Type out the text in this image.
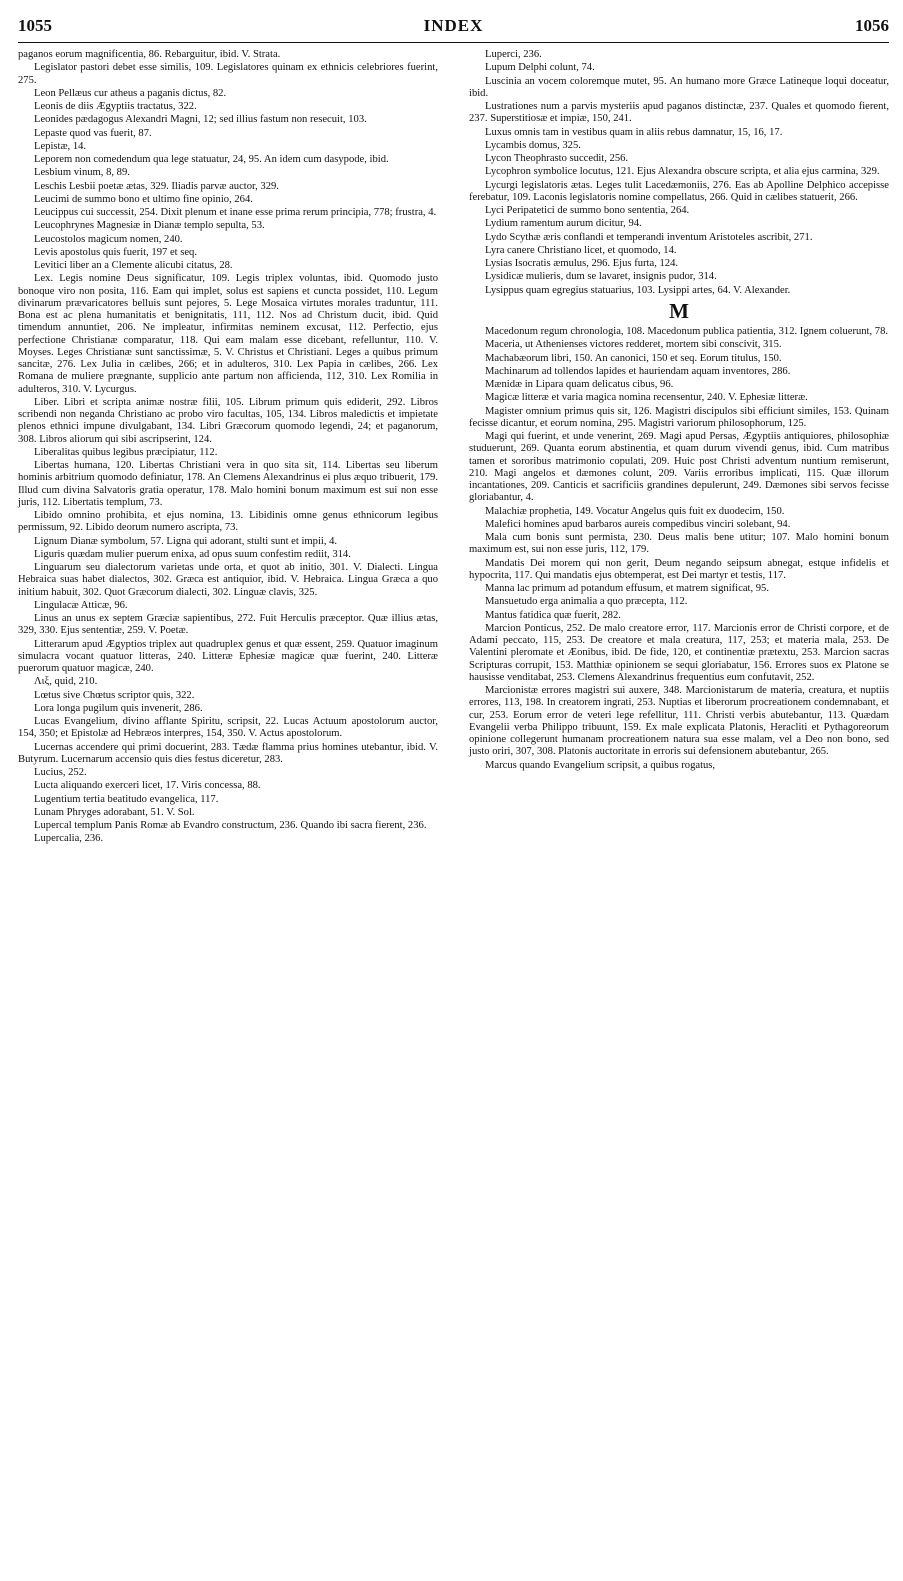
1055	INDEX	1056

paganos eorum magnificentia, 86. Rebarguitur, ibid. V. Strata.

Legislator pastori debet esse similis, 109. Legislatores quinam ex ethnicis celebriores fuerint, 275.

Leon Pellæus cur atheus a paganis dictus, 82.

Leonis de diis Ægyptiis tractatus, 322.

Leonides pædagogus Alexandri Magni, 12; sed illius fastum non resecuit, 103.

Lepaste quod vas fuerit, 87.

Lepistæ, 14.

Leporem non comedendum qua lege statuatur, 24, 95. An idem cum dasypode, ibid.

Lesbium vinum, 8, 89.

Leschis Lesbii poetæ ætas, 329. Iliadis parvæ auctor, 329.

Leucimi de summo bono et ultimo fine opinio, 264.

Leucippus cui successit, 254. Dixit plenum et inane esse prima rerum principia, 778; frustra, 4.

Leucophrynes Magnesiæ in Dianæ templo sepulta, 53.

Leucostolos magicum nomen, 240.

Levis apostolus quis fuerit, 197 et seq.

Levitici liber an a Clemente alicubi citatus, 28.

Lex. Legis nomine Deus significatur, 109. Legis triplex voluntas, ibid. Quomodo justo bonoque viro non posita, 116. Eam qui implet, solus est sapiens et cuncta possidet, 110. Legum divinarum prævaricatores belluis sunt pejores, 5. Lege Mosaica virtutes morales traduntur, 111. Bona est ac plena humanitatis et benignitatis, 111, 112. Nos ad Christum ducit, ibid. Quid timendum annuntiet, 206. Ne impleatur, infirmitas neminem excusat, 112. Perfectio, ejus perfectione Christianæ comparatur, 118. Qui eam malam esse dicebant, refelluntur, 110. V. Moyses. Leges Christianæ sunt sanctissimæ, 5. V. Christus et Christiani. Leges a quibus primum sancitæ, 276. Lex Julia in cælibes, 266; et in adulteros, 310. Lex Papia in cælibes, 266. Lex Romana de muliere prægnante, supplicio ante partum non afficienda, 112, 310. Lex Romilia in adulteros, 310. V. Lycurgus.

Liber. Libri et scripta animæ nostræ filii, 105. Librum primum quis ediderit, 292. Libros scribendi non neganda Christiano ac probo viro facultas, 105, 134. Libros maledictis et impietate plenos ethnici impune divulgabant, 134. Libri Græcorum quomodo legendi, 24; et paganorum, 308. Libros aliorum qui sibi ascripserint, 124.

Liberalitas quibus legibus præcipiatur, 112.

Libertas humana, 120. Libertas Christiani vera in quo sita sit, 114. Libertas seu liberum hominis arbitrium quomodo definiatur, 178. An Clemens Alexandrinus ei plus æquo tribuerit, 179. Illud cum divina Salvatoris gratia operatur, 178. Malo homini bonum maximum est sui non esse juris, 112. Libertatis templum, 73.

Libido omnino prohibita, et ejus nomina, 13. Libidinis omne genus ethnicorum legibus permissum, 92. Libido deorum numero ascripta, 73.

Lignum Dianæ symbolum, 57. Ligna qui adorant, stulti sunt et impii, 4.

Liguris quædam mulier puerum enixa, ad opus suum confestim rediit, 314.

Linguarum seu dialectorum varietas unde orta, et quot ab initio, 301. V. Dialecti. Lingua Hebraica suas habet dialectos, 302. Græca est antiquior, ibid. V. Hebraica. Lingua Græca a quo initium habuit, 302. Quot Græcorum dialecti, 302. Linguæ clavis, 325.

Lingulacæ Atticæ, 96.

Linus an unus ex septem Græciæ sapientibus, 272. Fuit Herculis præceptor. Quæ illius ætas, 329, 330. Ejus sententiæ, 259. V. Poetæ.

Litterarum apud Ægyptios triplex aut quadruplex genus et quæ essent, 259. Quatuor imaginum simulacra vocant quatuor litteras, 240. Litteræ Ephesiæ magicæ quæ fuerint, 240. Litteræ puerorum quatuor magicæ, 240.

Λιξ, quid, 210.

Lœtus sive Chœtus scriptor quis, 322.

Lora longa pugilum quis invenerit, 286.

Lucas Evangelium, divino afflante Spiritu, scripsit, 22. Lucas Actuum apostolorum auctor, 154, 350; et Epistolæ ad Hebræos interpres, 154, 350. V. Actus apostolorum.

Lucernas accendere qui primi docuerint, 283. Tædæ flamma prius homines utebantur, ibid. V. Butyrum. Lucernarum accensio quis dies festus diceretur, 283.

Lucius, 252.

Lucta aliquando exerceri licet, 17. Viris concessa, 88.

Lugentium tertia beatitudo evangelica, 117.

Lunam Phryges adorabant, 51. V. Sol.

Lupercal templum Panis Romæ ab Evandro constructum, 236. Quando ibi sacra fierent, 236.

Lupercalia, 236.

Luperci, 236.

Lupum Delphi colunt, 74.

Luscinia an vocem coloremque mutet, 95. An humano more Græce Latineque loqui doceatur, ibid.

Lustrationes num a parvis mysteriis apud paganos distinctæ, 237. Quales et quomodo fierent, 237. Superstitiosæ et impiæ, 150, 241.

Luxus omnis tam in vestibus quam in aliis rebus damnatur, 15, 16, 17.

Lycambis domus, 325.

Lycon Theophrasto succedit, 256.

Lycophron symbolice locutus, 121. Ejus Alexandra obscure scripta, et alia ejus carmina, 329.

Lycurgi legislatoris ætas. Leges tulit Lacedæmoniis, 276. Eas ab Apolline Delphico accepisse ferebatur, 109. Laconis legislatoris nomine compellatus, 266. Quid in cælibes statuerit, 266.

Lyci Peripatetici de summo bono sententia, 264.

Lydium ramentum aurum dicitur, 94.

Lydo Scythæ æris conflandi et temperandi inventum Aristoteles ascribit, 271.

Lyra canere Christiano licet, et quomodo, 14.

Lysias Isocratis æmulus, 296. Ejus furta, 124.

Lysidicæ mulieris, dum se lavaret, insignis pudor, 314.

Lysippus quam egregius statuarius, 103. Lysippi artes, 64. V. Alexander.

M

Macedonum regum chronologia, 108. Macedonum publica patientia, 312. Ignem coluerunt, 78.

Maceria, ut Athenienses victores redderet, mortem sibi conscivit, 315.

Machabæorum libri, 150. An canonici, 150 et seq. Eorum titulus, 150.

Machinarum ad tollendos lapides et hauriendam aquam inventores, 286.

Mænidæ in Lipara quam delicatus cibus, 96.

Magicæ litteræ et varia magica nomina recensentur, 240. V. Ephesiæ litteræ.

Magister omnium primus quis sit, 126. Magistri discipulos sibi efficiunt similes, 153. Quinam fecisse dicantur, et eorum nomina, 295. Magistri variorum philosophorum, 125.

Magi qui fuerint, et unde venerint, 269. Magi apud Persas, Ægyptiis antiquiores, philosophiæ studuerunt, 269. Quanta eorum abstinentia, et quam durum vivendi genus, ibid. Cum matribus tamen et sororibus matrimonio copulati, 209. Huic post Christi adventum nuntium remiserunt, 210. Magi angelos et dæmones colunt, 209. Variis erroribus implicati, 115. Quæ illorum incantationes, 209. Canticis et sacrificiis grandines depulerunt, 249. Dæmones sibi servos fecisse gloriabantur, 4.

Malachiæ prophetia, 149. Vocatur Angelus quis fuit ex duodecim, 150.

Malefici homines apud barbaros aureis compedibus vinciri solebant, 94.

Mala cum bonis sunt permista, 230. Deus malis bene utitur; 107. Malo homini bonum maximum est, sui non esse juris, 112, 179.

Mandatis Dei morem qui non gerit, Deum negando seipsum abnegat, estque infidelis et hypocrita, 117. Qui mandatis ejus obtemperat, est Dei martyr et testis, 117.

Manna lac primum ad potandum effusum, et matrem significat, 95.

Mansuetudo erga animalia a quo præcepta, 112.

Mantus fatidica quæ fuerit, 282.

Marcion Ponticus, 252. De malo creatore error, 117. Marcionis error de Christi corpore, et de Adami peccato, 115, 253. De creatore et mala creatura, 117, 253; et materia mala, 253. De Valentini pleromate et Æonibus, ibid. De fide, 120, et continentiæ prætextu, 253. Marcion sacras Scripturas corrupit, 153. Matthiæ opinionem se sequi gloriabatur, 156. Errores suos ex Platone se hausisse venditabat, 253. Clemens Alexandrinus frequentius eum confutavit, 252.

Marcionistæ errores magistri sui auxere, 348. Marcionistarum de materia, creatura, et nuptiis errores, 113, 198. In creatorem ingrati, 253. Nuptias et liberorum procreationem condemnabant, et cur, 253. Eorum error de veteri lege refellitur, 111. Christi verbis abutebantur, 113. Quædam Evangelii verba Philippo tribuunt, 159. Ex male explicata Platonis, Heracliti et Pythagoreorum opinione collegerunt humanam procreationem natura sua esse malam, vel a Deo non bono, sed justo oriri, 307, 308. Platonis auctoritate in erroris sui defensionem abutebantur, 265.

Marcus quando Evangelium scripsit, a quibus rogatus,
